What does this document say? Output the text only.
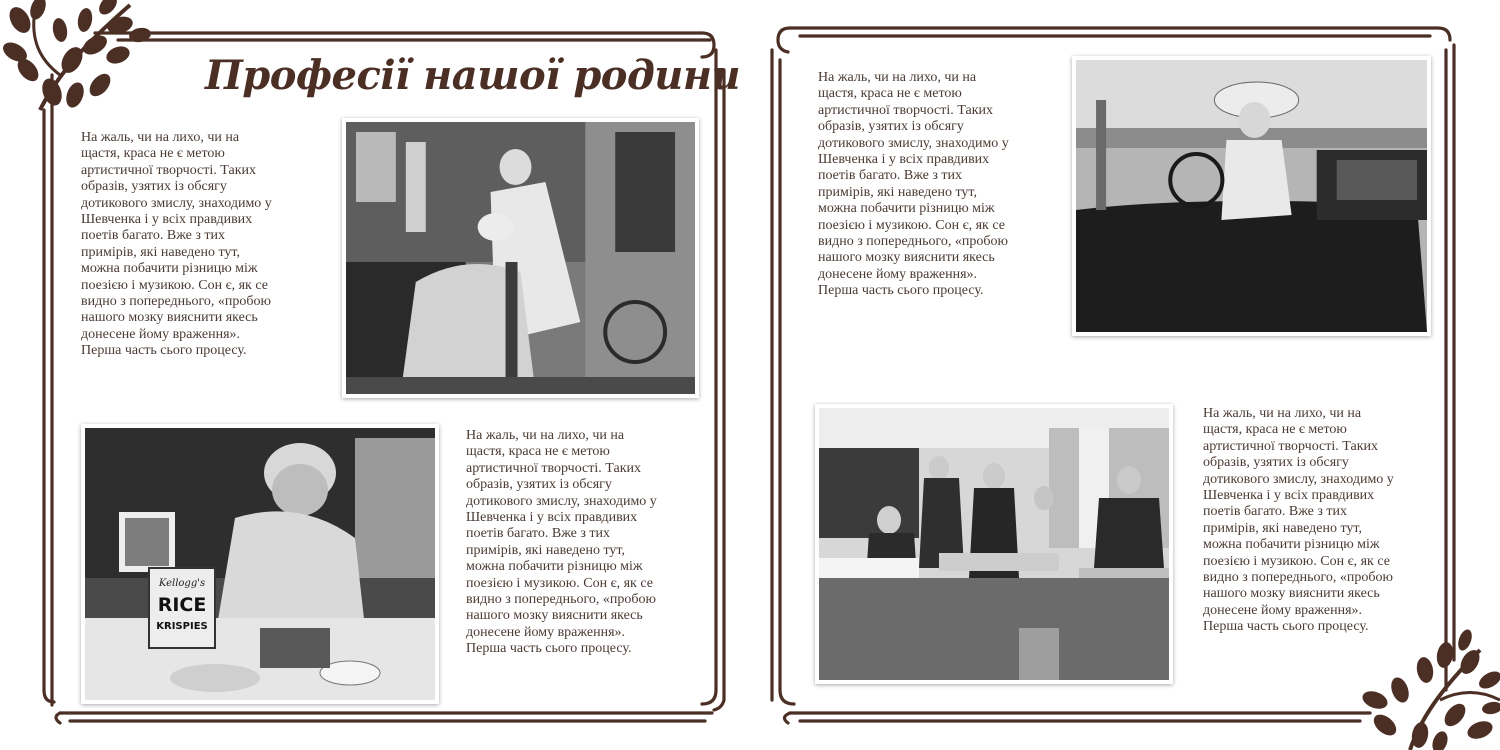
Професії нашої родини

На жаль, чи на лихо, чи на
щастя, краса не є метою
артистичної творчості. Таких
образів, узятих із обсягу
дотикового змислу, знаходимо у
Шевченка і у всіх правдивих
поетів багато. Вже з тих
примірів, які наведено тут,
можна побачити різницю між
поезією і музикою. Сон є, як се
видно з попереднього, «пробою
нашого мозку вияснити якесь
донесене йому враження».
Перша часть сього процесу.

На жаль, чи на лихо, чи на
щастя, краса не є метою
артистичної творчості. Таких
образів, узятих із обсягу
дотикового змислу, знаходимо у
Шевченка і у всіх правдивих
поетів багато. Вже з тих
примірів, які наведено тут,
можна побачити різницю між
поезією і музикою. Сон є, як се
видно з попереднього, «пробою
нашого мозку вияснити якесь
донесене йому враження».
Перша часть сього процесу.

На жаль, чи на лихо, чи на
щастя, краса не є метою
артистичної творчості. Таких
образів, узятих із обсягу
дотикового змислу, знаходимо у
Шевченка і у всіх правдивих
поетів багато. Вже з тих
примірів, які наведено тут,
можна побачити різницю між
поезією і музикою. Сон є, як се
видно з попереднього, «пробою
нашого мозку вияснити якесь
донесене йому враження».
Перша часть сього процесу.

На жаль, чи на лихо, чи на
щастя, краса не є метою
артистичної творчості. Таких
образів, узятих із обсягу
дотикового змислу, знаходимо у
Шевченка і у всіх правдивих
поетів багато. Вже з тих
примірів, які наведено тут,
можна побачити різницю між
поезією і музикою. Сон є, як се
видно з попереднього, «пробою
нашого мозку вияснити якесь
донесене йому враження».
Перша часть сього процесу.

Kellogg's
RICE
KRISPIES
